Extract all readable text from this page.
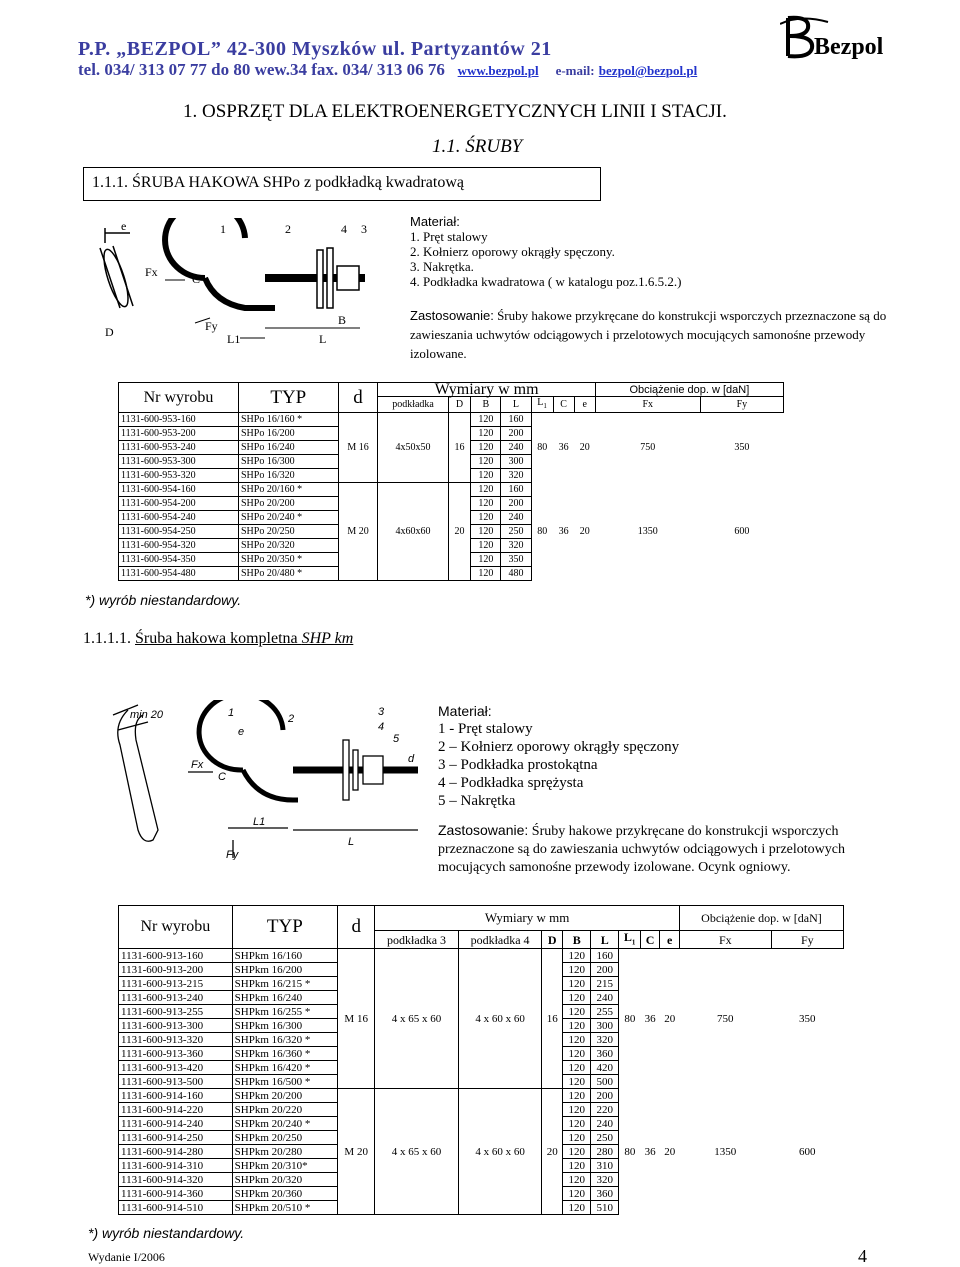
P.P. „BEZPOL” 42-300 Myszków ul. Partyzantów 21
tel. 034/ 313 07 77 do 80 wew.34 fax. 034/ 313 06 76 www.bezpol.pl e-mail: bezpol@bezpol.pl
Bezpol
1. OSPRZĘT DLA ELEKTROENERGETYCZNYCH LINII I STACJI.
1.1. ŚRUBY
1.1.1. ŚRUBA HAKOWA SHPo z podkładką kwadratową
e	1	2	4 3
Fx	C
D	Fy
L1	L
B
Materiał:
1. Pręt stalowy
2. Kołnierz oporowy okrągły spęczony.
3. Nakrętka.
4. Podkładka kwadratowa ( w katalogu poz.1.6.5.2.)
Zastosowanie: Śruby hakowe przykręcane do konstrukcji wsporczych przeznaczone są do zawieszania uchwytów odciągowych i przelotowych mocujących samonośne przewody izolowane.
Nr wyrobu	TYP	d	Wymiary w mm							Obciążenie dop. w [daN]	
			podkładka	D	B	L	$L_1$	C	e	Fx	Fy
1131-600-953-160	SHPo 16/160 *	M 16	4x50x50	16	120	160	80	36	20	750	350
1131-600-953-200	SHPo 16/200				120	200					
1131-600-953-240	SHPo 16/240				120	240					
1131-600-953-300	SHPo 16/300				120	300					
1131-600-953-320	SHPo 16/320				120	320					
1131-600-954-160	SHPo 20/160 *	M 20	4x60x60	20	120	160	80	36	20	1350	600
1131-600-954-200	SHPo 20/200				120	200					
1131-600-954-240	SHPo 20/240 *				120	240					
1131-600-954-250	SHPo 20/250				120	250					
1131-600-954-320	SHPo 20/320				120	320					
1131-600-954-350	SHPo 20/350 *				120	350					
1131-600-954-480	SHPo 20/480 *				120	480					
*) wyrób niestandardowy.
1.1.1.1. Śruba hakowa kompletna SHP km
min 20	1	2
3
4
5
e
Fx
C
d
L1
L
Fy
Materiał:
1 - Pręt stalowy
2 – Kołnierz oporowy okrągły spęczony
3 – Podkładka prostokątna
4 – Podkładka sprężysta
5 – Nakrętka
Zastosowanie: Śruby hakowe przykręcane do konstrukcji wsporczych przeznaczone są do zawieszania uchwytów odciągowych i przelotowych mocujących samonośne przewody izolowane. Ocynk ogniowy.
Nr wyrobu	TYP	d	Wymiary w mm								Obciążenie dop. w [daN]	
			podkładka 3	podkładka 4	D	B	L	$L_1$	C	e	Fx	Fy
1131-600-913-160	SHPkm 16/160	M 16	4 x 65 x 60	4 x 60 x 60	16	120	160	80	36	20	750	350
1131-600-913-200	SHPkm 16/200					120	200					
1131-600-913-215	SHPkm 16/215 *					120	215					
1131-600-913-240	SHPkm 16/240					120	240					
1131-600-913-255	SHPkm 16/255 *					120	255					
1131-600-913-300	SHPkm 16/300					120	300					
1131-600-913-320	SHPkm 16/320 *					120	320					
1131-600-913-360	SHPkm 16/360 *					120	360					
1131-600-913-420	SHPkm 16/420 *					120	420					
1131-600-913-500	SHPkm 16/500 *					120	500					
1131-600-914-160	SHPkm 20/200	M 20	4 x 65 x 60	4 x 60 x 60	20	120	200	80	36	20	1350	600
1131-600-914-220	SHPkm 20/220					120	220					
1131-600-914-240	SHPkm 20/240 *					120	240					
1131-600-914-250	SHPkm 20/250					120	250					
1131-600-914-280	SHPkm 20/280					120	280					
1131-600-914-310	SHPkm 20/310*					120	310					
1131-600-914-320	SHPkm 20/320					120	320					
1131-600-914-360	SHPkm 20/360					120	360					
1131-600-914-510	SHPkm 20/510 *					120	510					
*) wyrób niestandardowy.
Wydanie I/2006	4
